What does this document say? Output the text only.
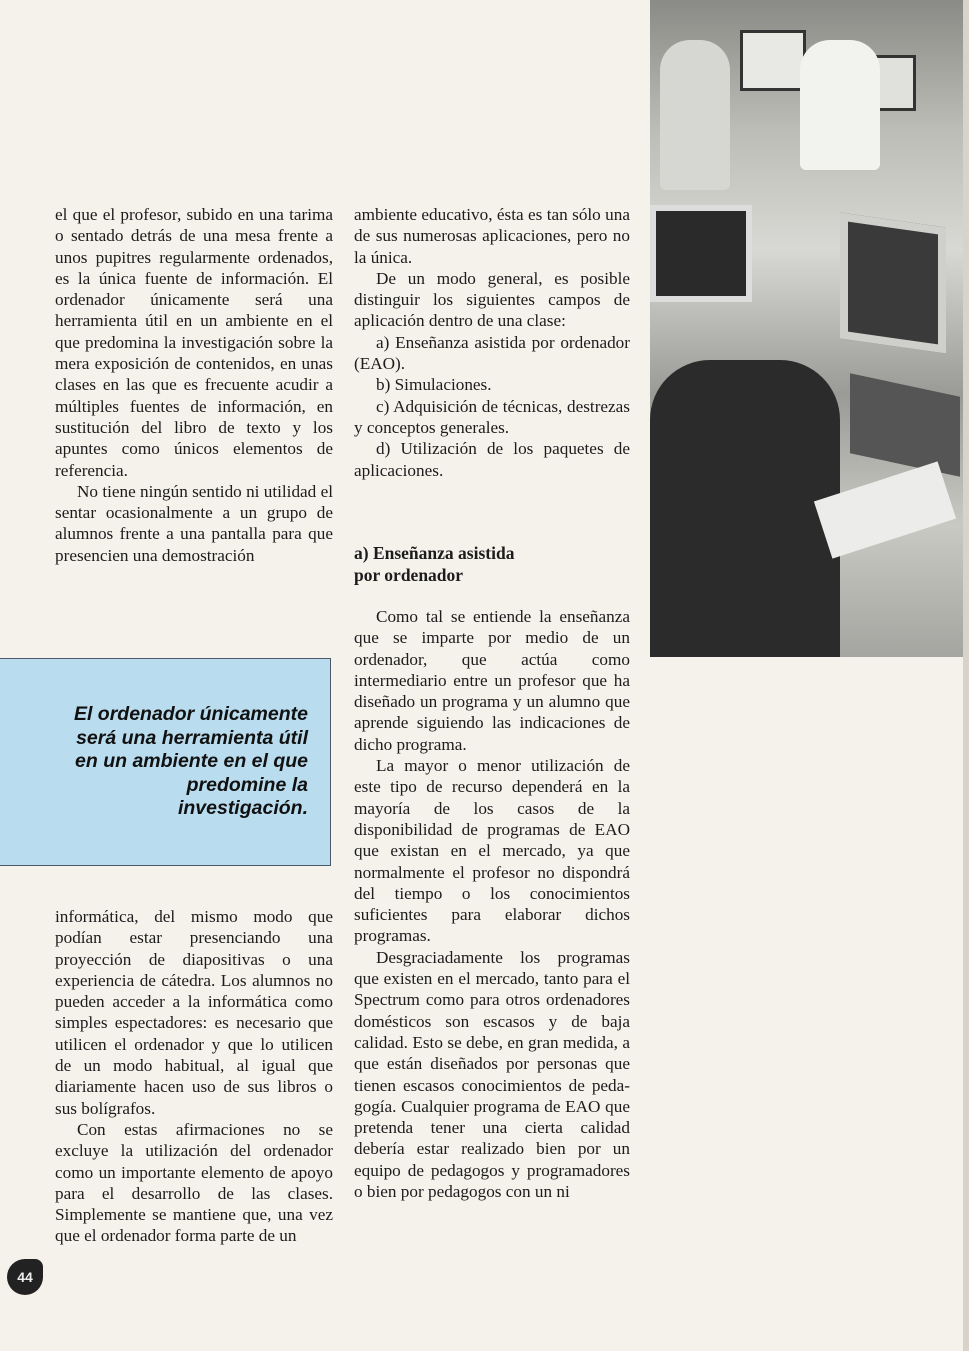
el que el profesor, subido en una tarima o sentado detrás de una mesa frente a unos pupitres regularmente ordenados, es la única fuente de información. El ordenador únicamente será una herramienta útil en un ambiente en el que predomina la investigación sobre la mera exposición de contenidos, en unas clases en las que es frecuente acudir a múltiples fuentes de información, en sustitución del libro de texto y los apuntes como únicos elementos de referencia.

No tiene ningún sentido ni utilidad el sentar ocasionalmente a un grupo de alumnos frente a una pantalla para que presencien una demostración

El ordenador únicamente
será una herramienta útil
en un ambiente en el que
predomine la
investigación.

informática, del mismo modo que podían estar presenciando una proyección de diapositivas o una experiencia de cátedra. Los alumnos no pueden acceder a la informática como simples espectadores: es necesario que utilicen el ordenador y que lo utilicen de un modo habitual, al igual que diariamente hacen uso de sus libros o sus bolígrafos.

Con estas afirmaciones no se excluye la utilización del ordenador como un importante elemento de apoyo para el desarrollo de las clases. Simplemente se mantiene que, una vez que el ordenador forma parte de un

ambiente educativo, ésta es tan sólo una de sus numerosas aplicaciones, pero no la única.

De un modo general, es posible distinguir los siguientes campos de aplicación dentro de una clase:

a) Enseñanza asistida por ordenador (EAO).

b) Simulaciones.

c) Adquisición de técnicas, destrezas y conceptos generales.

d) Utilización de los paquetes de aplicaciones.

a) Enseñanza asistida
por ordenador

Como tal se entiende la enseñanza que se imparte por medio de un ordenador, que actúa como intermediario entre un profesor que ha diseñado un programa y un alumno que aprende siguiendo las indicaciones de dicho programa.

La mayor o menor utilización de este tipo de recurso dependerá en la mayoría de los casos de la disponibilidad de programas de EAO que existan en el mercado, ya que normalmente el profesor no dispondrá del tiempo o los conocimientos suficientes para elaborar dichos programas.

Desgraciadamente los programas que existen en el mercado, tanto para el Spectrum como para otros ordenadores domésticos son escasos y de baja calidad. Esto se debe, en gran medida, a que están diseñados por personas que tienen escasos conocimientos de pedagogía. Cualquier programa de EAO que pretenda tener una cierta calidad debería estar realizado bien por un equipo de pedagogos y programadores o bien por pedagogos con un ni

44
